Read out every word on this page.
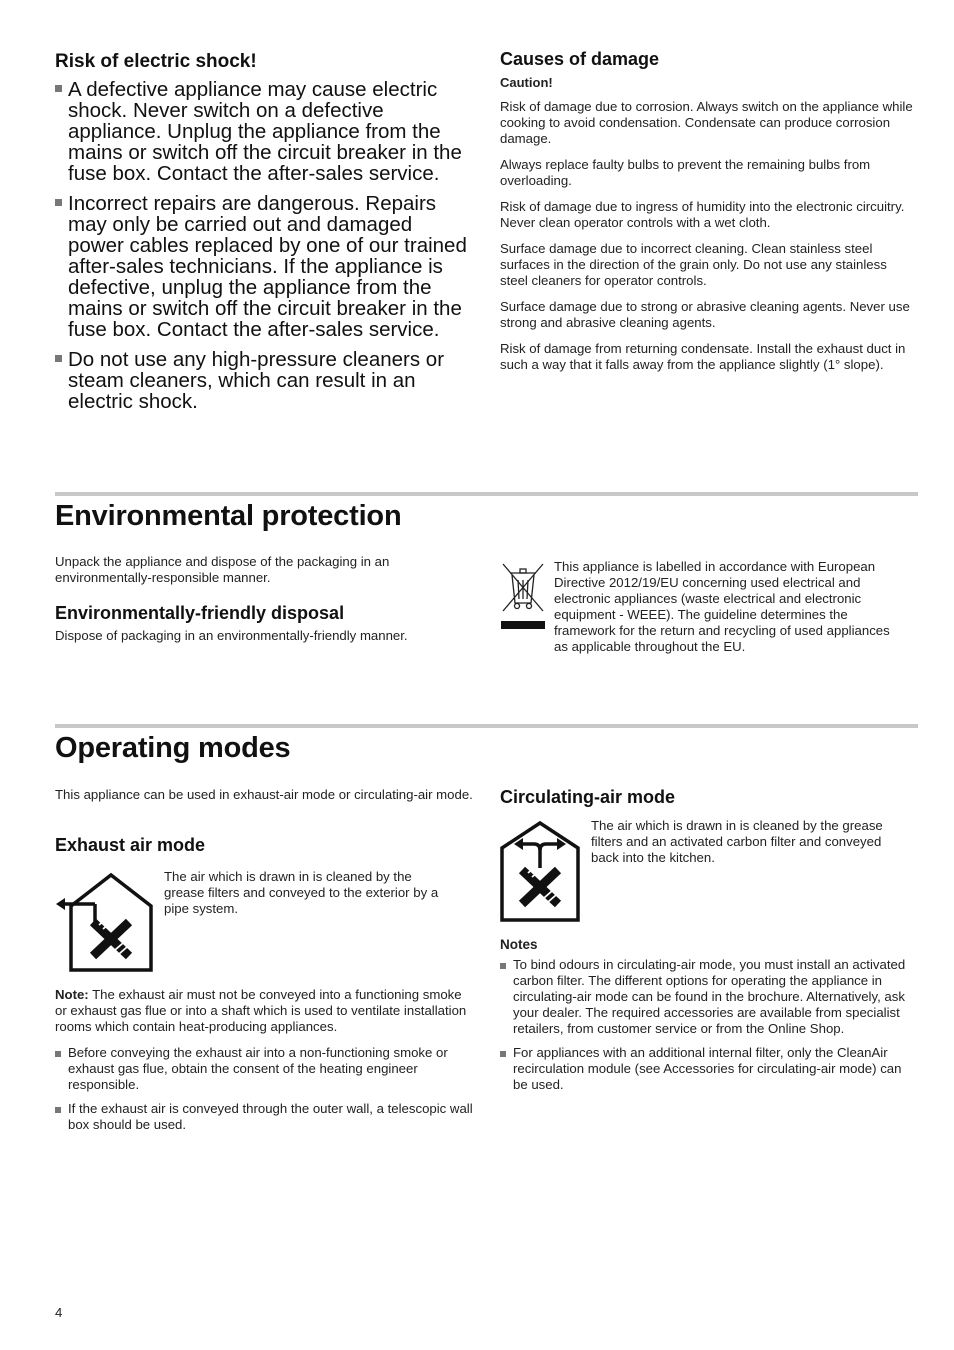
Risk of electric shock!
A defective appliance may cause electric shock. Never switch on a defective appliance. Unplug the appliance from the mains or switch off the circuit breaker in the fuse box. Contact the after-sales service.
Incorrect repairs are dangerous. Repairs may only be carried out and damaged power cables replaced by one of our trained after-sales technicians. If the appliance is defective, unplug the appliance from the mains or switch off the circuit breaker in the fuse box. Contact the after-sales service.
Do not use any high-pressure cleaners or steam cleaners, which can result in an electric shock.
Causes of damage

Caution!

Risk of damage due to corrosion. Always switch on the appliance while cooking to avoid condensation. Condensate can produce corrosion damage.

Always replace faulty bulbs to prevent the remaining bulbs from overloading.

Risk of damage due to ingress of humidity into the electronic circuitry. Never clean operator controls with a wet cloth.

Surface damage due to incorrect cleaning. Clean stainless steel surfaces in the direction of the grain only. Do not use any stainless steel cleaners for operator controls.

Surface damage due to strong or abrasive cleaning agents. Never use strong and abrasive cleaning agents.

Risk of damage from returning condensate. Install the exhaust duct in such a way that it falls away from the appliance slightly (1° slope).

Environmental protection

Unpack the appliance and dispose of the packaging in an environmentally-responsible manner.

Environmentally-friendly disposal

Dispose of packaging in an environmentally-friendly manner.

This appliance is labelled in accordance with European Directive 2012/19/EU concerning used electrical and electronic appliances (waste electrical and electronic equipment - WEEE). The guideline determines the framework for the return and recycling of used appliances as applicable throughout the EU.

Operating modes

This appliance can be used in exhaust-air mode or circulating-air mode.

Exhaust air mode

The air which is drawn in is cleaned by the grease filters and conveyed to the exterior by a pipe system.

Note: The exhaust air must not be conveyed into a functioning smoke or exhaust gas flue or into a shaft which is used to ventilate installation rooms which contain heat-producing appliances.

Before conveying the exhaust air into a non-functioning smoke or exhaust gas flue, obtain the consent of the heating engineer responsible.
If the exhaust air is conveyed through the outer wall, a telescopic wall box should be used.
Circulating-air mode

The air which is drawn in is cleaned by the grease filters and an activated carbon filter and conveyed back into the kitchen.

Notes

To bind odours in circulating-air mode, you must install an activated carbon filter. The different options for operating the appliance in circulating-air mode can be found in the brochure. Alternatively, ask your dealer. The required accessories are available from specialist retailers, from customer service or from the Online Shop.
For appliances with an additional internal filter, only the CleanAir recirculation module (see Accessories for circulating-air mode) can be used.
4
